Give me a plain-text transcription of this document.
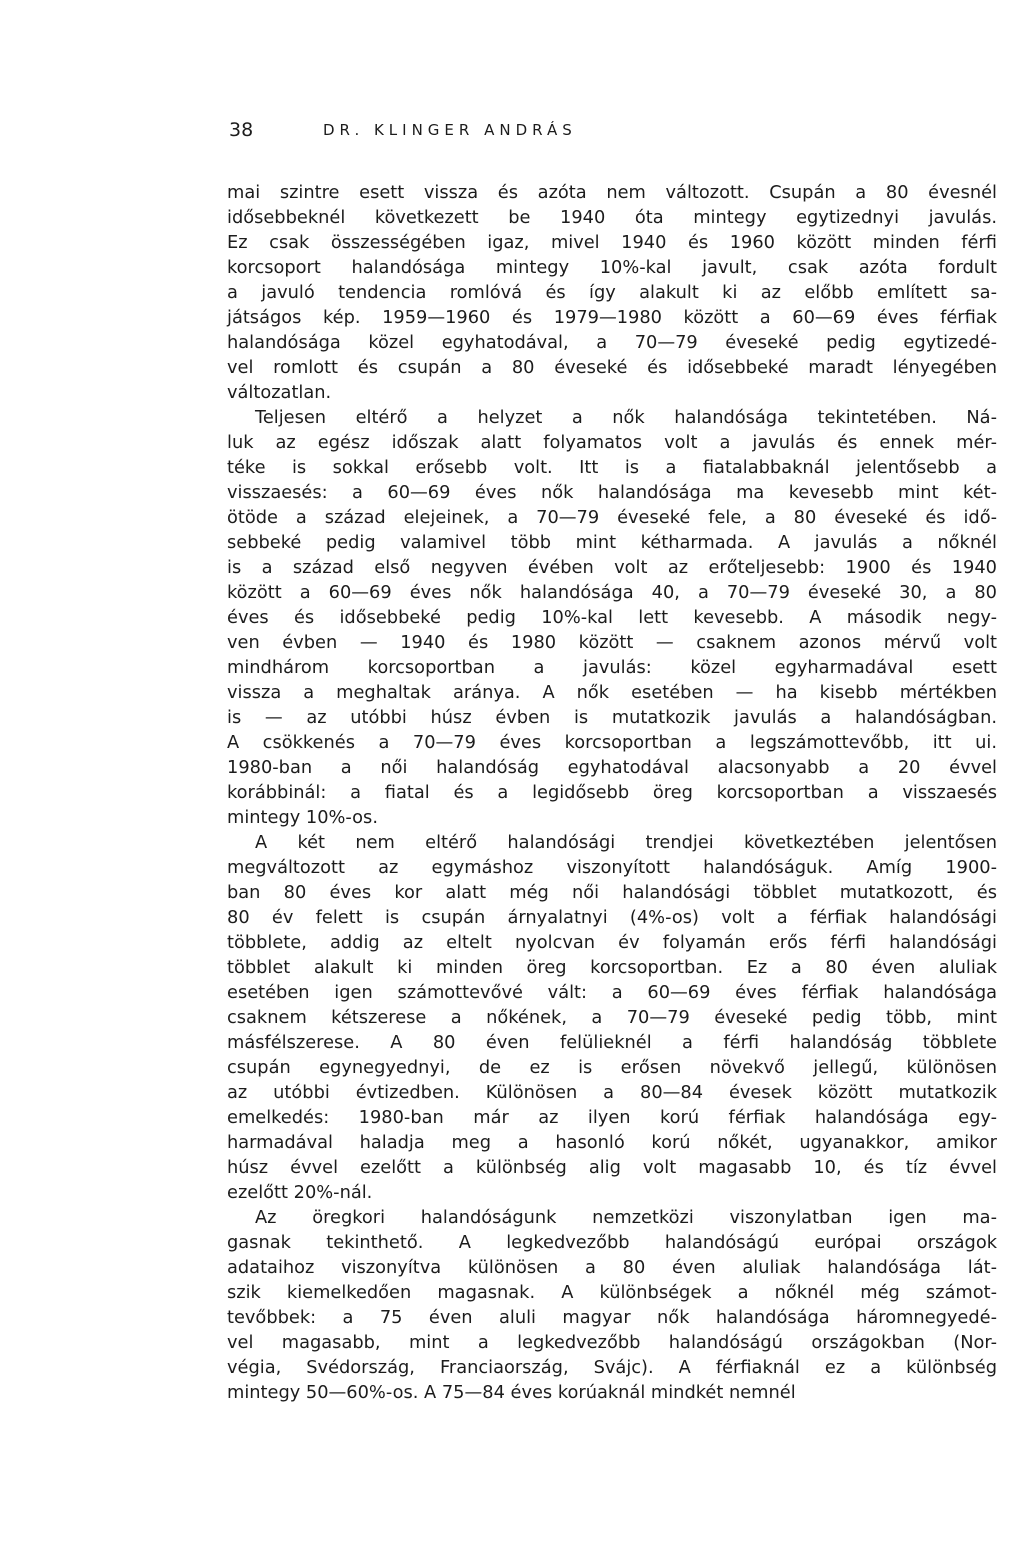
38	DR. KLINGER ANDRÁS
mai szintre esett vissza és azóta nem változott. Csupán a 80 évesnél
idősebbeknél következett be 1940 óta mintegy egytizednyi javulás.
Ez csak összességében igaz, mivel 1940 és 1960 között minden férfi
korcsoport halandósága mintegy 10%-kal javult, csak azóta fordult
a javuló tendencia romlóvá és így alakult ki az előbb említett sa-
játságos kép. 1959—1960 és 1979—1980 között a 60—69 éves férfiak
halandósága közel egyhatodával, a 70—79 éveseké pedig egytizedé-
vel romlott és csupán a 80 éveseké és idősebbeké maradt lényegében
változatlan.
Teljesen eltérő a helyzet a nők halandósága tekintetében. Ná-
luk az egész időszak alatt folyamatos volt a javulás és ennek mér-
téke is sokkal erősebb volt. Itt is a fiatalabbaknál jelentősebb a
visszaesés: a 60—69 éves nők halandósága ma kevesebb mint két-
ötöde a század elejeinek, a 70—79 éveseké fele, a 80 éveseké és idő-
sebbeké pedig valamivel több mint kétharmada. A javulás a nőknél
is a század első negyven évében volt az erőteljesebb: 1900 és 1940
között a 60—69 éves nők halandósága 40, a 70—79 éveseké 30, a 80
éves és idősebbeké pedig 10%-kal lett kevesebb. A második negy-
ven évben — 1940 és 1980 között — csaknem azonos mérvű volt
mindhárom korcsoportban a javulás: közel egyharmadával esett
vissza a meghaltak aránya. A nők esetében — ha kisebb mértékben
is — az utóbbi húsz évben is mutatkozik javulás a halandóságban.
A csökkenés a 70—79 éves korcsoportban a legszámottevőbb, itt ui.
1980-ban a női halandóság egyhatodával alacsonyabb a 20 évvel
korábbinál: a fiatal és a legidősebb öreg korcsoportban a visszaesés
mintegy 10%-os.
A két nem eltérő halandósági trendjei következtében jelentősen
megváltozott az egymáshoz viszonyított halandóságuk. Amíg 1900-
ban 80 éves kor alatt még női halandósági többlet mutatkozott, és
80 év felett is csupán árnyalatnyi (4%-os) volt a férfiak halandósági
többlete, addig az eltelt nyolcvan év folyamán erős férfi halandósági
többlet alakult ki minden öreg korcsoportban. Ez a 80 éven aluliak
esetében igen számottevővé vált: a 60—69 éves férfiak halandósága
csaknem kétszerese a nőkének, a 70—79 éveseké pedig több, mint
másfélszerese. A 80 éven felülieknél a férfi halandóság többlete
csupán egynegyednyi, de ez is erősen növekvő jellegű, különösen
az utóbbi évtizedben. Különösen a 80—84 évesek között mutatkozik
emelkedés: 1980-ban már az ilyen korú férfiak halandósága egy-
harmadával haladja meg a hasonló korú nőkét, ugyanakkor, amikor
húsz évvel ezelőtt a különbség alig volt magasabb 10, és tíz évvel
ezelőtt 20%-nál.
Az öregkori halandóságunk nemzetközi viszonylatban igen ma-
gasnak tekinthető. A legkedvezőbb halandóságú európai országok
adataihoz viszonyítva különösen a 80 éven aluliak halandósága lát-
szik kiemelkedően magasnak. A különbségek a nőknél még számot-
tevőbbek: a 75 éven aluli magyar nők halandósága háromnegyedé-
vel magasabb, mint a legkedvezőbb halandóságú országokban (Nor-
végia, Svédország, Franciaország, Svájc). A férfiaknál ez a különbség
mintegy 50—60%-os. A 75—84 éves korúaknál mindkét nemnél
